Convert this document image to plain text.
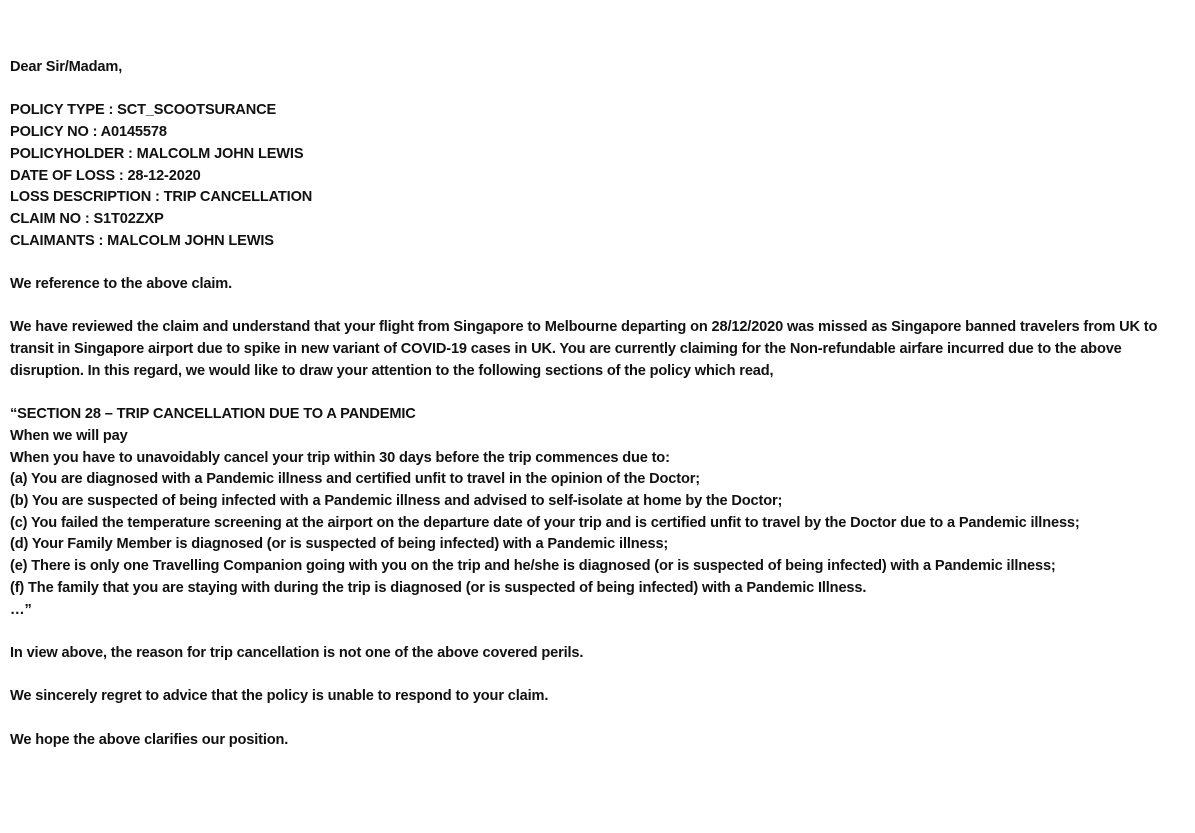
Dear Sir/Madam,
POLICY TYPE : SCT_SCOOTSURANCE
POLICY NO : A0145578
POLICYHOLDER : MALCOLM JOHN LEWIS
DATE OF LOSS : 28-12-2020
LOSS DESCRIPTION : TRIP CANCELLATION
CLAIM NO : S1T02ZXP
CLAIMANTS : MALCOLM JOHN LEWIS
We reference to the above claim.
We have reviewed the claim and understand that your flight from Singapore to Melbourne departing on 28/12/2020 was missed as Singapore banned travelers from UK to
transit in Singapore airport due to spike in new variant of COVID-19 cases in UK. You are currently claiming for the Non-refundable airfare incurred due to the above
disruption. In this regard, we would like to draw your attention to the following sections of the policy which read,
“SECTION 28 – TRIP CANCELLATION DUE TO A PANDEMIC
When we will pay
When you have to unavoidably cancel your trip within 30 days before the trip commences due to:
(a) You are diagnosed with a Pandemic illness and certified unfit to travel in the opinion of the Doctor;
(b) You are suspected of being infected with a Pandemic illness and advised to self-isolate at home by the Doctor;
(c) You failed the temperature screening at the airport on the departure date of your trip and is certified unfit to travel by the Doctor due to a Pandemic illness;
(d) Your Family Member is diagnosed (or is suspected of being infected) with a Pandemic illness;
(e) There is only one Travelling Companion going with you on the trip and he/she is diagnosed (or is suspected of being infected) with a Pandemic illness;
(f) The family that you are staying with during the trip is diagnosed (or is suspected of being infected) with a Pandemic Illness.
…”
In view above, the reason for trip cancellation is not one of the above covered perils.
We sincerely regret to advice that the policy is unable to respond to your claim.
We hope the above clarifies our position.
